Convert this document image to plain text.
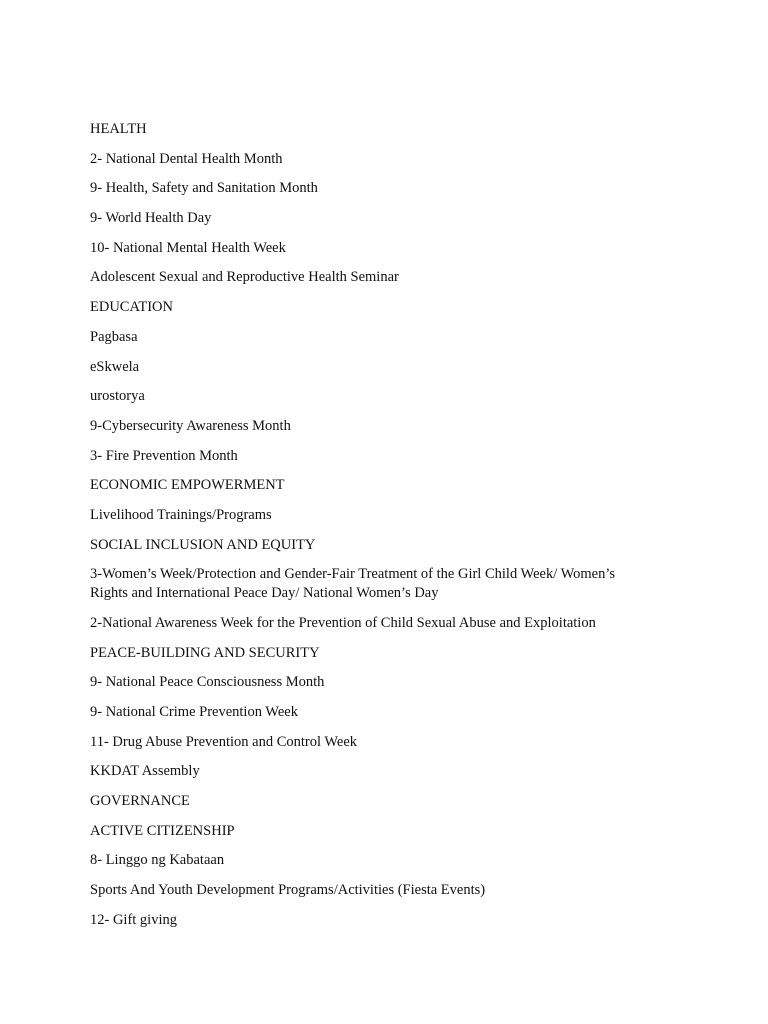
HEALTH
2- National Dental Health Month
9- Health, Safety and Sanitation Month
9- World Health Day
10- National Mental Health Week
Adolescent Sexual and Reproductive Health Seminar
EDUCATION
Pagbasa
eSkwela
urostorya
9-Cybersecurity Awareness Month
3- Fire Prevention Month
ECONOMIC EMPOWERMENT
Livelihood Trainings/Programs
SOCIAL INCLUSION AND EQUITY
3-Women’s Week/Protection and Gender-Fair Treatment of the Girl Child Week/ Women’s Rights and International Peace Day/ National Women’s Day
2-National Awareness Week for the Prevention of Child Sexual Abuse and Exploitation
PEACE-BUILDING AND SECURITY
9- National Peace Consciousness Month
9- National Crime Prevention Week
11- Drug Abuse Prevention and Control Week
KKDAT Assembly
GOVERNANCE
ACTIVE CITIZENSHIP
8- Linggo ng Kabataan
Sports And Youth Development Programs/Activities (Fiesta Events)
12- Gift giving
